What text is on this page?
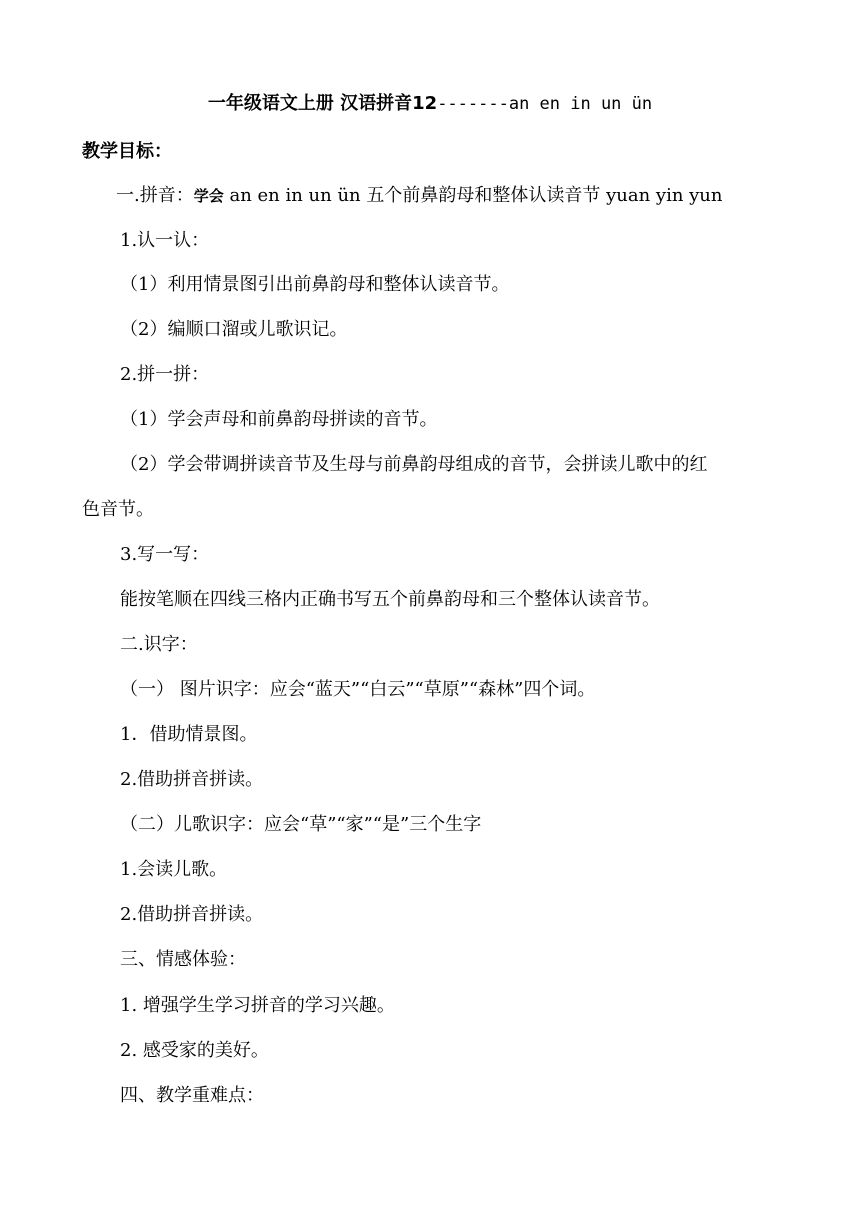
一年级语文上册 汉语拼音12-------an en in un ün
教学目标：
一.拼音：学会 an en in un ün 五个前鼻韵母和整体认读音节 yuan yin yun
1.认一认：
（1）利用情景图引出前鼻韵母和整体认读音节。
（2）编顺口溜或儿歌识记。
2.拼一拼：
（1）学会声母和前鼻韵母拼读的音节。
（2）学会带调拼读音节及生母与前鼻韵母组成的音节，会拼读儿歌中的红
色音节。
3.写一写：
能按笔顺在四线三格内正确书写五个前鼻韵母和三个整体认读音节。
二.识字：
（一） 图片识字：应会“蓝天”“白云”“草原”“森林”四个词。
1．借助情景图。
2.借助拼音拼读。
（二）儿歌识字：应会“草”“家”“是”三个生字
1.会读儿歌。
2.借助拼音拼读。
三、情感体验：
1. 增强学生学习拼音的学习兴趣。
2. 感受家的美好。
四、教学重难点：
